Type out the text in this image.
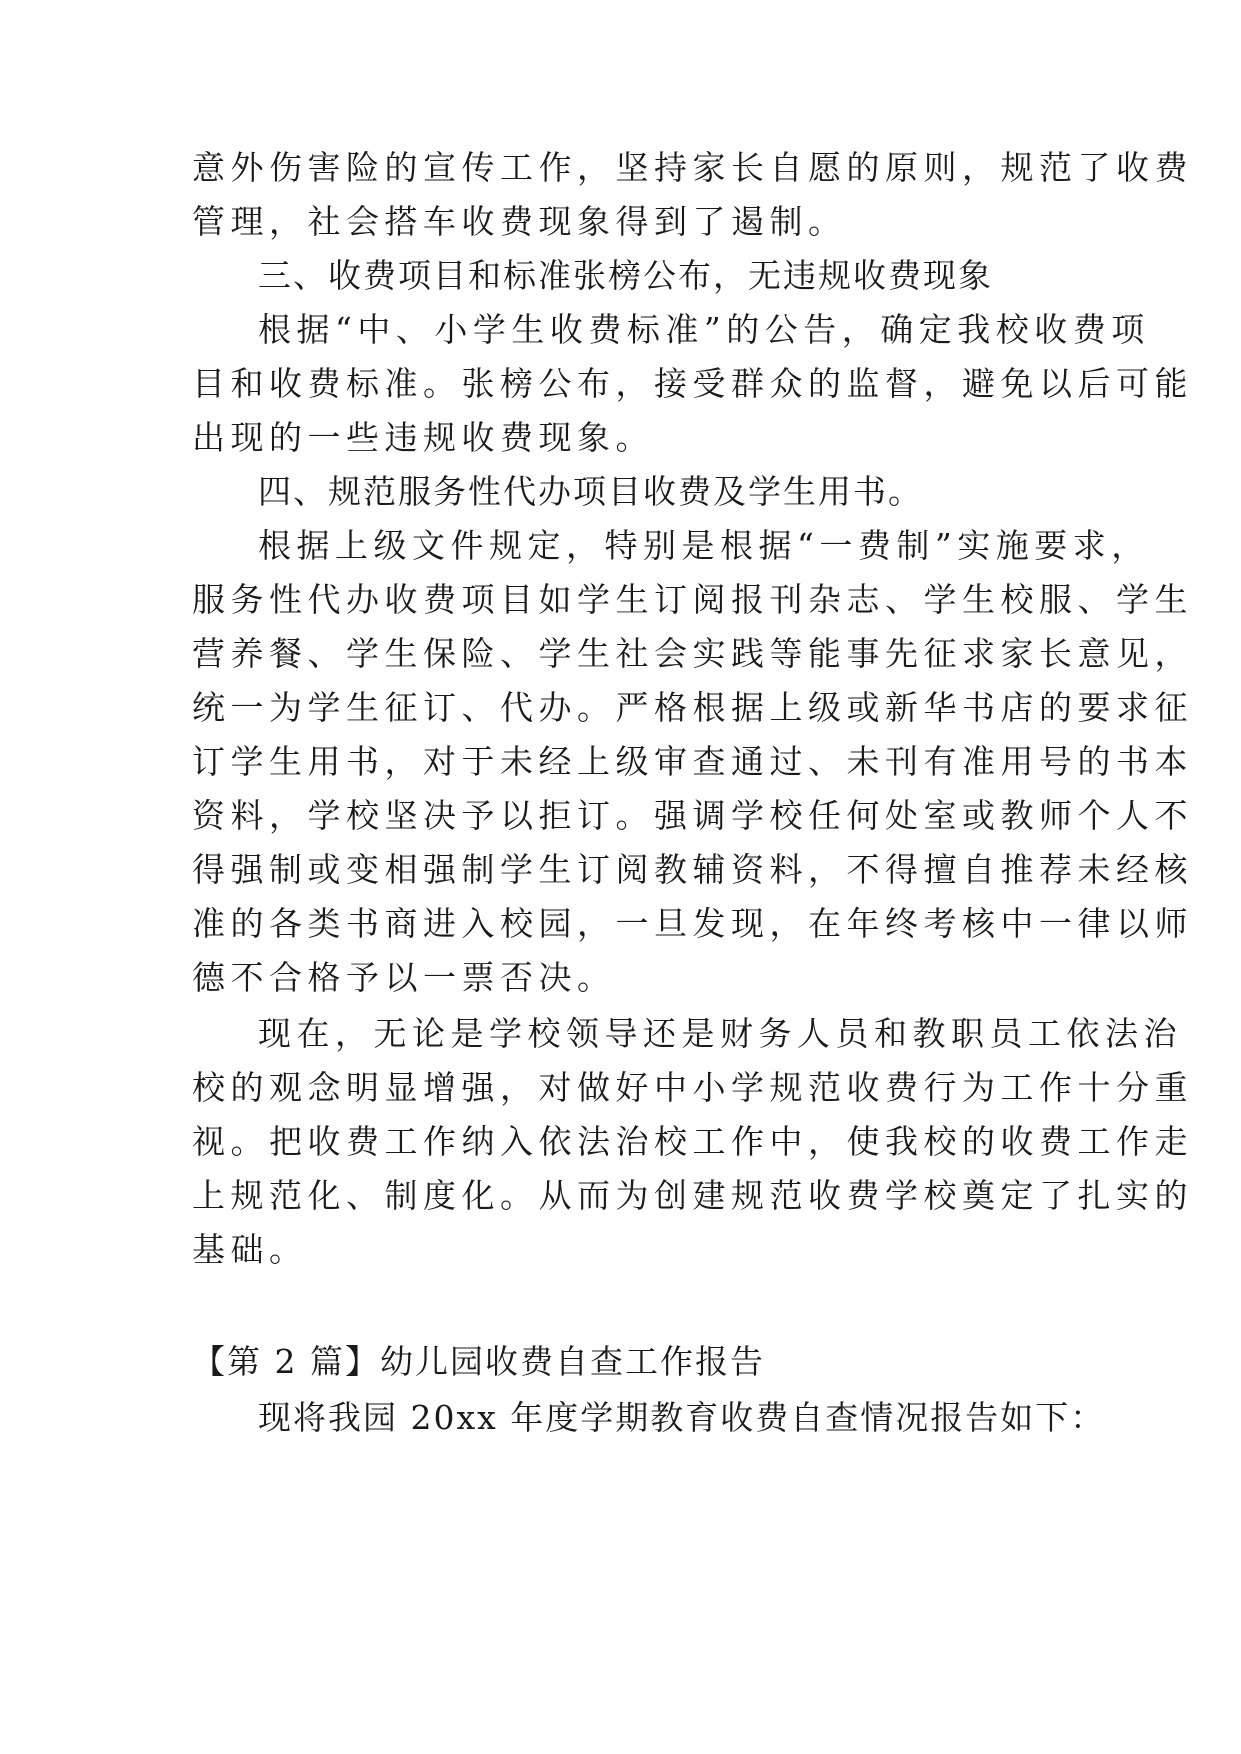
意外伤害险的宣传工作，坚持家长自愿的原则，规范了收费
管理，社会搭车收费现象得到了遏制。
三、收费项目和标准张榜公布，无违规收费现象
根据“中、小学生收费标准”的公告，确定我校收费项
目和收费标准。张榜公布，接受群众的监督，避免以后可能
出现的一些违规收费现象。
四、规范服务性代办项目收费及学生用书。
根据上级文件规定，特别是根据“一费制”实施要求，
服务性代办收费项目如学生订阅报刊杂志、学生校服、学生
营养餐、学生保险、学生社会实践等能事先征求家长意见，
统一为学生征订、代办。严格根据上级或新华书店的要求征
订学生用书，对于未经上级审查通过、未刊有准用号的书本
资料，学校坚决予以拒订。强调学校任何处室或教师个人不
得强制或变相强制学生订阅教辅资料，不得擅自推荐未经核
准的各类书商进入校园，一旦发现，在年终考核中一律以师
德不合格予以一票否决。
现在，无论是学校领导还是财务人员和教职员工依法治
校的观念明显增强，对做好中小学规范收费行为工作十分重
视。把收费工作纳入依法治校工作中，使我校的收费工作走
上规范化、制度化。从而为创建规范收费学校奠定了扎实的
基础。
【第 2 篇】幼儿园收费自查工作报告
现将我园 20xx 年度学期教育收费自查情况报告如下：
